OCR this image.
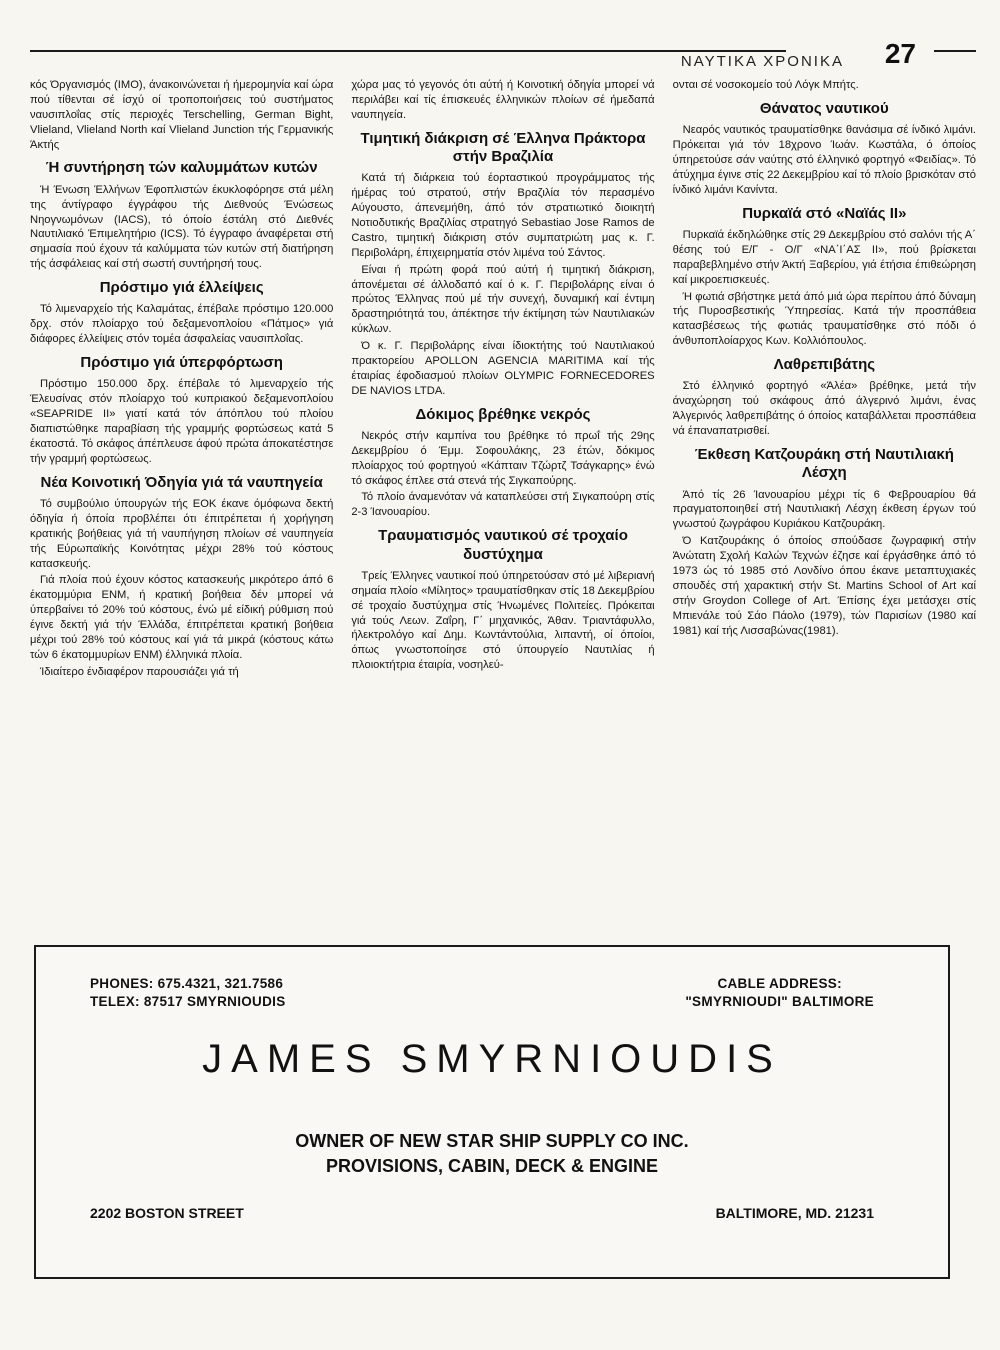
ΝΑΥΤΙΚΑ ΧΡΟΝΙΚΑ 27

κός Όργανισμός (ΙΜΟ), άνακοινώνεται ή ήμερομηνία καί ώρα πού τίθενται σέ ίσχύ οί τροποποιήσεις τού συστήματος ναυσιπλοΐας στίς περιοχές Terschelling, German Bight, Vlieland, Vlieland North καί Vlieland Junction τής Γερμανικής Άκτής

Ή συντήρηση τών καλυμμάτων κυτών

Ή Ένωση Έλλήνων Έφοπλιστών έκυκλοφόρησε στά μέλη της άντίγραφο έγγράφου τής Διεθνούς Ένώσεως Νηογνωμόνων (IACS), τό όποίο έστάλη στό Διεθνές Ναυτιλιακό Έπιμελητήριο (ICS). Τό έγγραφο άναφέρεται στή σημασία πού έχουν τά καλύμματα τών κυτών στή διατήρηση τής άσφάλειας καί στή σωστή συντήρησή τους.

Πρόστιμο γιά έλλείψεις

Τό λιμεναρχείο τής Καλαμάτας, έπέβαλε πρόστιμο 120.000 δρχ. στόν πλοίαρχο τού δεξαμενοπλοίου «Πάτμος» γιά διάφορες έλλείψεις στόν τομέα άσφαλείας ναυσιπλοΐας.

Πρόστιμο γιά ύπερφόρτωση

Πρόστιμο 150.000 δρχ. έπέβαλε τό λιμεναρχείο τής Έλευσίνας στόν πλοίαρχο τού κυπριακού δεξαμενοπλοίου «SEAPRIDE II» γιατί κατά τόν άπόπλου τού πλοίου διαπιστώθηκε παραβίαση τής γραμμής φορτώσεως κατά 5 έκατοστά. Τό σκάφος άπέπλευσε άφού πρώτα άποκατέστησε τήν γραμμή φορτώσεως.

Νέα Κοινοτική Όδηγία γιά τά ναυπηγεία

Τό συμβούλιο ύπουργών τής ΕΟΚ έκανε όμόφωνα δεκτή όδηγία ή όποία προβλέπει ότι έπιτρέπεται ή χορήγηση κρατικής βοήθειας γιά τή ναυπήγηση πλοίων σέ ναυπηγεία τής Εύρωπαϊκής Κοινότητας μέχρι 28% τού κόστους κατασκευής.

Γιά πλοία πού έχουν κόστος κατασκευής μικρότερο άπό 6 έκατομμύρια ENM, ή κρατική βοήθεια δέν μπορεί νά ύπερβαίνει τό 20% τού κόστους, ένώ μέ είδική ρύθμιση πού έγινε δεκτή γιά τήν Έλλάδα, έπιτρέπεται κρατική βοήθεια μέχρι τού 28% τού κόστους καί γιά τά μικρά (κόστους κάτω τών 6 έκατομμυρίων ENM) έλληνικά πλοία.

Ίδιαίτερο ένδιαφέρον παρουσιάζει γιά τή

χώρα μας τό γεγονός ότι αύτή ή Κοινοτική όδηγία μπορεί νά περιλάβει καί τίς έπισκευές έλληνικών πλοίων σέ ήμεδαπά ναυπηγεία.

Τιμητική διάκριση σέ Έλληνα Πράκτορα στήν Βραζιλία

Κατά τή διάρκεια τού έορταστικού προγράμματος τής ήμέρας τού στρατού, στήν Βραζιλία τόν περασμένο Αύγουστο, άπενεμήθη, άπό τόν στρατιωτικό διοικητή Νοτιοδυτικής Βραζιλίας στρατηγό Sebastiao Jose Ramos de Castro, τιμητική διάκριση στόν συμπατριώτη μας κ. Γ. Περιβολάρη, έπιχειρηματία στόν λιμένα τού Σάντος.

Είναι ή πρώτη φορά πού αύτή ή τιμητική διάκριση, άπονέμεται σέ άλλοδαπό καί ό κ. Γ. Περιβολάρης είναι ό πρώτος Έλληνας πού μέ τήν συνεχή, δυναμική καί έντιμη δραστηριότητά του, άπέκτησε τήν έκτίμηση τών Ναυτιλιακών κύκλων.

Ό κ. Γ. Περιβολάρης είναι ίδιοκτήτης τού Ναυτιλιακού πρακτορείου APOLLON AGENCIA MARITIMA καί τής έταιρίας έφοδιασμού πλοίων OLYMPIC FORNECEDORES DE NAVIOS LTDA.

Δόκιμος βρέθηκε νεκρός

Νεκρός στήν καμπίνα του βρέθηκε τό πρωΐ τής 29ης Δεκεμβρίου ό Έμμ. Σοφουλάκης, 23 έτών, δόκιμος πλοίαρχος τού φορτηγού «Κάπταιν Τζώρτζ Τσάγκαρης» ένώ τό σκάφος έπλεε στά στενά τής Σιγκαπούρης.

Τό πλοίο άναμενόταν νά καταπλεύσει στή Σιγκαπούρη στίς 2-3 Ίανουαρίου.

Τραυματισμός ναυτικού σέ τροχαίο δυστύχημα

Τρείς Έλληνες ναυτικοί πού ύπηρετούσαν στό μέ λιβεριανή σημαία πλοίο «Μίλητος» τραυματίσθηκαν στίς 18 Δεκεμβρίου σέ τροχαίο δυστύχημα στίς Ήνωμένες Πολιτείες. Πρόκειται γιά τούς Λεων. Ζαΐρη, Γ΄ μηχανικός, Άθαν. Τριαντάφυλλο, ήλεκτρολόγο καί Δημ. Κωντάντούλια, λιπαντή, οί όποίοι, όπως γνωστοποίησε στό ύπουργείο Ναυτιλίας ή πλοιοκτήτρια έταιρία, νοσηλεύ-

ονται σέ νοσοκομείο τού Λόγκ Μπήτς.

Θάνατος ναυτικού

Νεαρός ναυτικός τραυματίσθηκε θανάσιμα σέ ίνδικό λιμάνι. Πρόκειται γιά τόν 18χρονο Ίωάν. Κωστάλα, ό όποίος ύπηρετούσε σάν ναύτης στό έλληνικό φορτηγό «Φειδίας». Τό άτύχημα έγινε στίς 22 Δεκεμβρίου καί τό πλοίο βρισκόταν στό ίνδικό λιμάνι Κανίντα.

Πυρκαϊά στό «Ναϊάς ΙΙ»

Πυρκαϊά έκδηλώθηκε στίς 29 Δεκεμβρίου στό σαλόνι τής Α΄ θέσης τού Ε/Γ - Ο/Γ «ΝΑ΄Ι΄ΑΣ ΙΙ», πού βρίσκεται παραβεβλημένο στήν Άκτή Ξαβερίου, γιά έτήσια έπιθεώρηση καί μικροεπισκευές.

Ή φωτιά σβήστηκε μετά άπό μιά ώρα περίπου άπό δύναμη τής Πυροσβεστικής Ύπηρεσίας. Κατά τήν προσπάθεια κατασβέσεως τής φωτιάς τραυματίσθηκε στό πόδι ό άνθυποπλοίαρχος Κων. Κολλιόπουλος.

Λαθρεπιβάτης

Στό έλληνικό φορτηγό «Άλέα» βρέθηκε, μετά τήν άναχώρηση τού σκάφους άπό άλγερινό λιμάνι, ένας Άλγερινός λαθρεπιβάτης ό όποίος καταβάλλεται προσπάθεια νά έπαναπατρισθεί.

Έκθεση Κατζουράκη στή Ναυτιλιακή Λέσχη

Άπό τίς 26 Ίανουαρίου μέχρι τίς 6 Φεβρουαρίου θά πραγματοποιηθεί στή Ναυτιλιακή Λέσχη έκθεση έργων τού γνωστού ζωγράφου Κυριάκου Κατζουράκη.

Ό Κατζουράκης ό όποίος σπούδασε ζωγραφική στήν Άνώτατη Σχολή Καλών Τεχνών έζησε καί έργάσθηκε άπό τό 1973 ώς τό 1985 στό Λονδίνο όπου έκανε μεταπτυχιακές σπουδές στή χαρακτική στήν St. Martins School of Art καί στήν Groydon College of Art. Έπίσης έχει μετάσχει στίς Μπιενάλε τού Σάο Πάολο (1979), τών Παρισίων (1980 καί 1981) καί τής Λισσαβώνας(1981).

PHONES: 675.4321, 321.7586
TELEX: 87517 SMYRNIOUDIS
CABLE ADDRESS:
"SMYRNIOUDI" BALTIMORE
JAMES SMYRNIOUDIS
OWNER OF NEW STAR SHIP SUPPLY CO INC.
PROVISIONS, CABIN, DECK & ENGINE
2202 BOSTON STREET	BALTIMORE, MD. 21231
